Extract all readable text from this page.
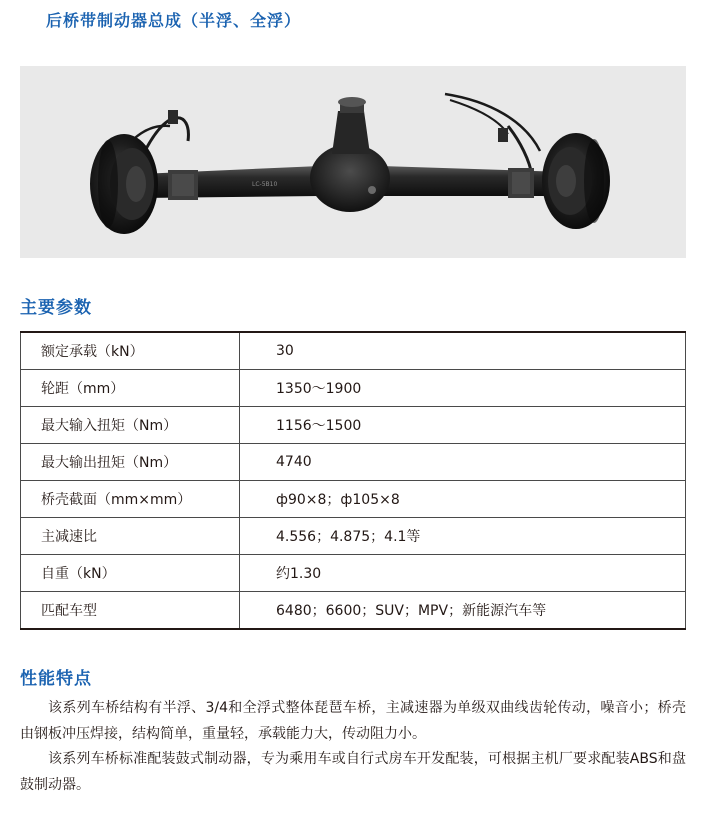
后桥带制动器总成（半浮、全浮）
LC-5B10
主要参数
额定承载（kN）	30
轮距（mm）	1350～1900
最大输入扭矩（Nm）	1156～1500
最大输出扭矩（Nm）	4740
桥壳截面（mm×mm）	ф90×8；ф105×8
主减速比	4.556；4.875；4.1等
自重（kN）	约1.30
匹配车型	6480；6600；SUV；MPV；新能源汽车等
性能特点

该系列车桥结构有半浮、3/4和全浮式整体琵琶车桥，主减速器为单级双曲线齿轮传动，噪音小；桥壳由钢板冲压焊接，结构简单，重量轻，承载能力大，传动阻力小。

该系列车桥标准配装鼓式制动器，专为乘用车或自行式房车开发配装，可根据主机厂要求配装ABS和盘鼓制动器。
